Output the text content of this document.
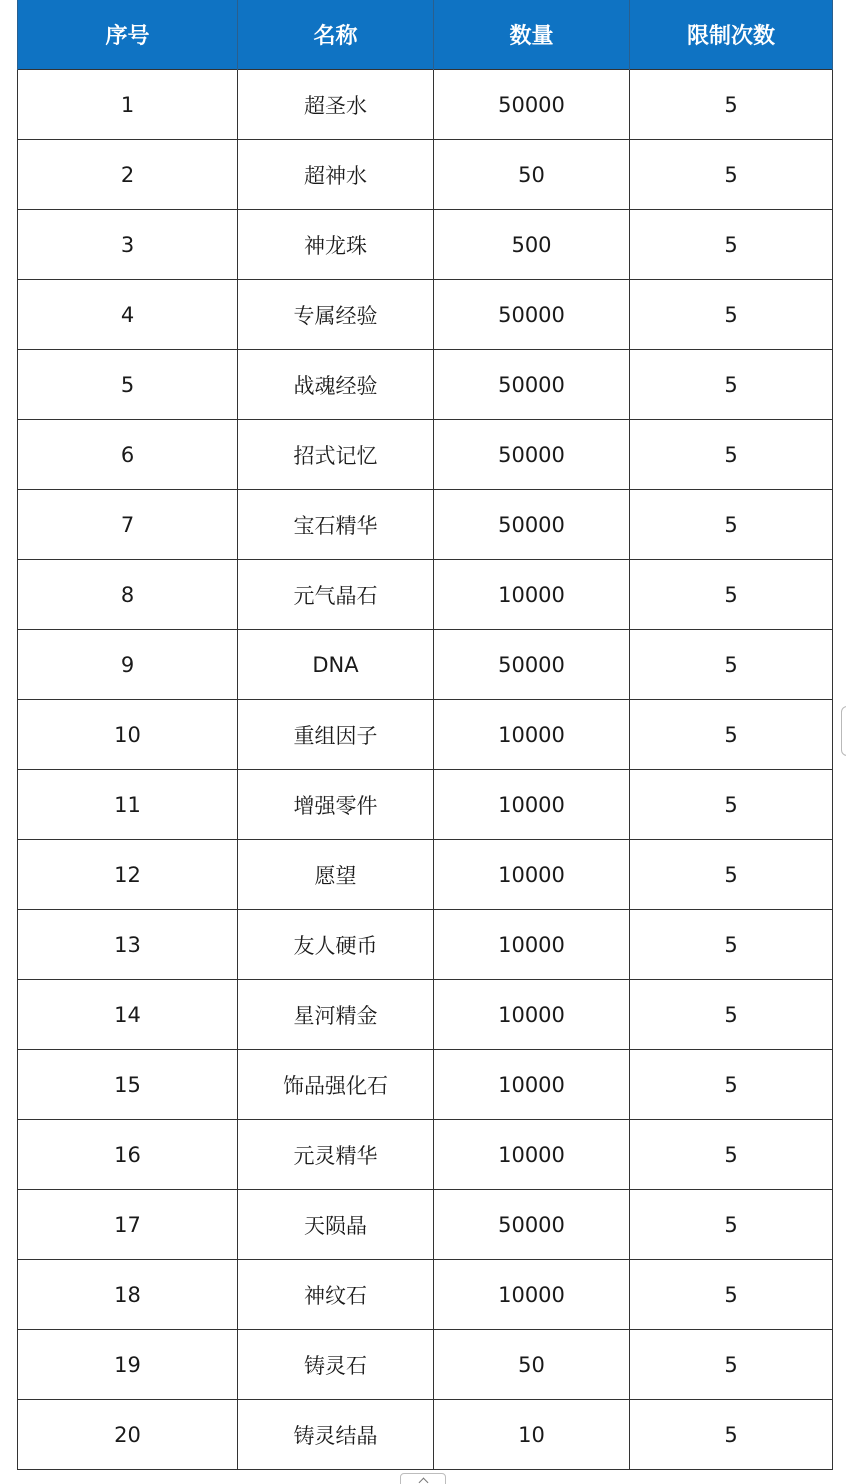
序号	名称	数量	限制次数
1	超圣水	50000	5
2	超神水	50	5
3	神龙珠	500	5
4	专属经验	50000	5
5	战魂经验	50000	5
6	招式记忆	50000	5
7	宝石精华	50000	5
8	元气晶石	10000	5
9	DNA	50000	5
10	重组因子	10000	5
11	增强零件	10000	5
12	愿望	10000	5
13	友人硬币	10000	5
14	星河精金	10000	5
15	饰品强化石	10000	5
16	元灵精华	10000	5
17	天陨晶	50000	5
18	神纹石	10000	5
19	铸灵石	50	5
20	铸灵结晶	10	5
